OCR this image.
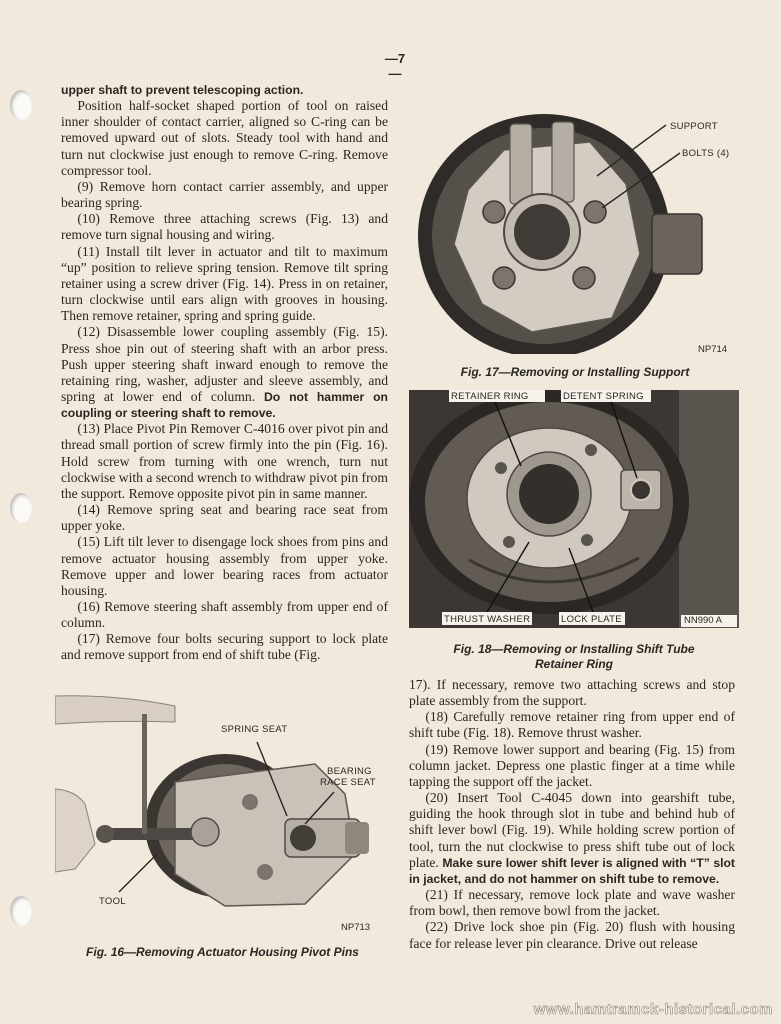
—7—

upper shaft to prevent telescoping action.

Position half-socket shaped portion of tool on raised inner shoulder of contact carrier, aligned so C-ring can be removed upward out of slots. Steady tool with hand and turn nut clockwise just enough to remove C-ring. Remove compressor tool.

(9) Remove horn contact carrier assembly, and upper bearing spring.

(10) Remove three attaching screws (Fig. 13) and remove turn signal housing and wiring.

(11) Install tilt lever in actuator and tilt to maximum “up” position to relieve spring tension. Remove tilt spring retainer using a screw driver (Fig. 14). Press in on retainer, turn clockwise until ears align with grooves in housing. Then remove retainer, spring and spring guide.

(12) Disassemble lower coupling assembly (Fig. 15). Press shoe pin out of steering shaft with an arbor press. Push upper steering shaft inward enough to remove the retaining ring, washer, adjuster and sleeve assembly, and spring at lower end of column. Do not hammer on coupling or steering shaft to remove.

(13) Place Pivot Pin Remover C-4016 over pivot pin and thread small portion of screw firmly into the pin (Fig. 16). Hold screw from turning with one wrench, turn nut clockwise with a second wrench to withdraw pivot pin from the support. Remove opposite pivot pin in same manner.

(14) Remove spring seat and bearing race seat from upper yoke.

(15) Lift tilt lever to disengage lock shoes from pins and remove actuator housing assembly from upper yoke. Remove upper and lower bearing races from actuator housing.

(16) Remove steering shaft assembly from upper end of column.

(17) Remove four bolts securing support to lock plate and remove support from end of shift tube (Fig.

SPRING SEAT
BEARING
RACE SEAT
TOOL
NP713
Fig. 16—Removing Actuator Housing Pivot Pins
SUPPORT
BOLTS (4)
NP714
Fig. 17—Removing or Installing Support
RETAINER RING	DETENT SPRING
THRUST WASHER	LOCK PLATE	NN990 A
Fig. 18—Removing or Installing Shift Tube
Retainer Ring

17). If necessary, remove two attaching screws and stop plate assembly from the support.

(18) Carefully remove retainer ring from upper end of shift tube (Fig. 18). Remove thrust washer.

(19) Remove lower support and bearing (Fig. 15) from column jacket. Depress one plastic finger at a time while tapping the support off the jacket.

(20) Insert Tool C-4045 down into gearshift tube, guiding the hook through slot in tube and behind hub of shift lever bowl (Fig. 19). While holding screw portion of tool, turn the nut clockwise to press shift tube out of lock plate. Make sure lower shift lever is aligned with “T” slot in jacket, and do not hammer on shift tube to remove.

(21) If necessary, remove lock plate and wave washer from bowl, then remove bowl from the jacket.

(22) Drive lock shoe pin (Fig. 20) flush with housing face for release lever pin clearance. Drive out release

www.hamtramck-historical.com
